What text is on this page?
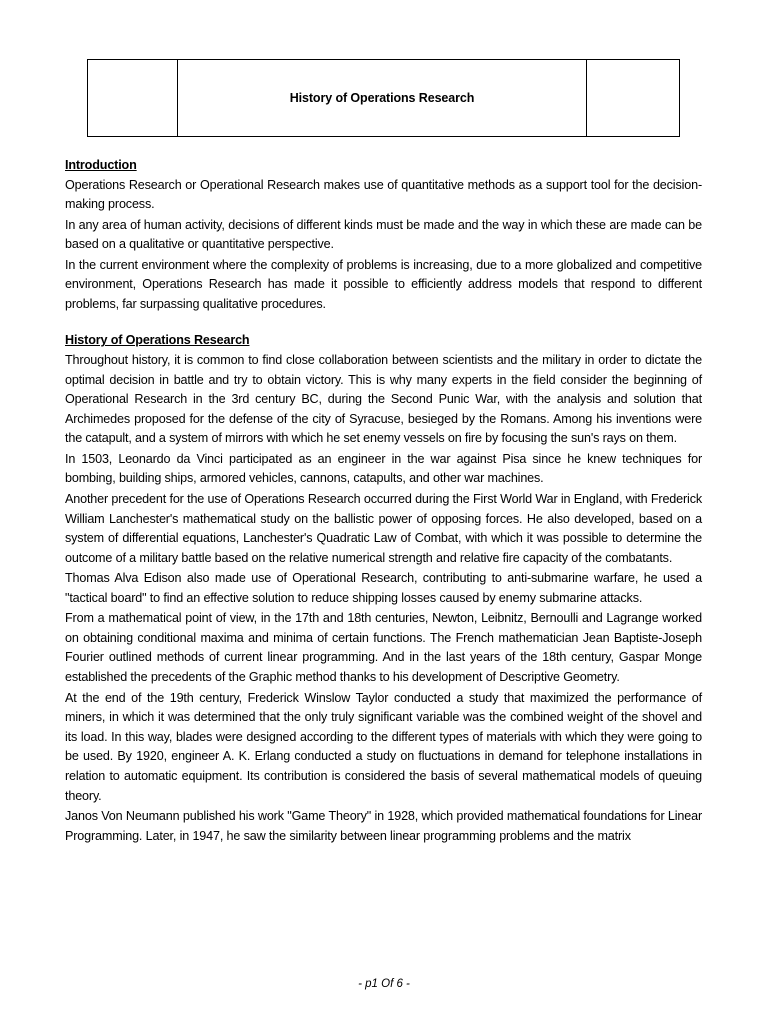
History of Operations Research
Introduction

Operations Research or Operational Research makes use of quantitative methods as a support tool for the decision-making process.

In any area of human activity, decisions of different kinds must be made and the way in which these are made can be based on a qualitative or quantitative perspective.

In the current environment where the complexity of problems is increasing, due to a more globalized and competitive environment, Operations Research has made it possible to efficiently address models that respond to different problems, far surpassing qualitative procedures.

History of Operations Research

Throughout history, it is common to find close collaboration between scientists and the military in order to dictate the optimal decision in battle and try to obtain victory. This is why many experts in the field consider the beginning of Operational Research in the 3rd century BC, during the Second Punic War, with the analysis and solution that Archimedes proposed for the defense of the city of Syracuse, besieged by the Romans. Among his inventions were the catapult, and a system of mirrors with which he set enemy vessels on fire by focusing the sun's rays on them.

In 1503, Leonardo da Vinci participated as an engineer in the war against Pisa since he knew techniques for bombing, building ships, armored vehicles, cannons, catapults, and other war machines.

Another precedent for the use of Operations Research occurred during the First World War in England, with Frederick William Lanchester's mathematical study on the ballistic power of opposing forces. He also developed, based on a system of differential equations, Lanchester's Quadratic Law of Combat, with which it was possible to determine the outcome of a military battle based on the relative numerical strength and relative fire capacity of the combatants.

Thomas Alva Edison also made use of Operational Research, contributing to anti-submarine warfare, he used a "tactical board" to find an effective solution to reduce shipping losses caused by enemy submarine attacks.

From a mathematical point of view, in the 17th and 18th centuries, Newton, Leibnitz, Bernoulli and Lagrange worked on obtaining conditional maxima and minima of certain functions. The French mathematician Jean Baptiste-Joseph Fourier outlined methods of current linear programming. And in the last years of the 18th century, Gaspar Monge established the precedents of the Graphic method thanks to his development of Descriptive Geometry.

At the end of the 19th century, Frederick Winslow Taylor conducted a study that maximized the performance of miners, in which it was determined that the only truly significant variable was the combined weight of the shovel and its load. In this way, blades were designed according to the different types of materials with which they were going to be used. By 1920, engineer A. K. Erlang conducted a study on fluctuations in demand for telephone installations in relation to automatic equipment. Its contribution is considered the basis of several mathematical models of queuing theory.

Janos Von Neumann published his work "Game Theory" in 1928, which provided mathematical foundations for Linear Programming. Later, in 1947, he saw the similarity between linear programming problems and the matrix

- p1 Of 6 -
